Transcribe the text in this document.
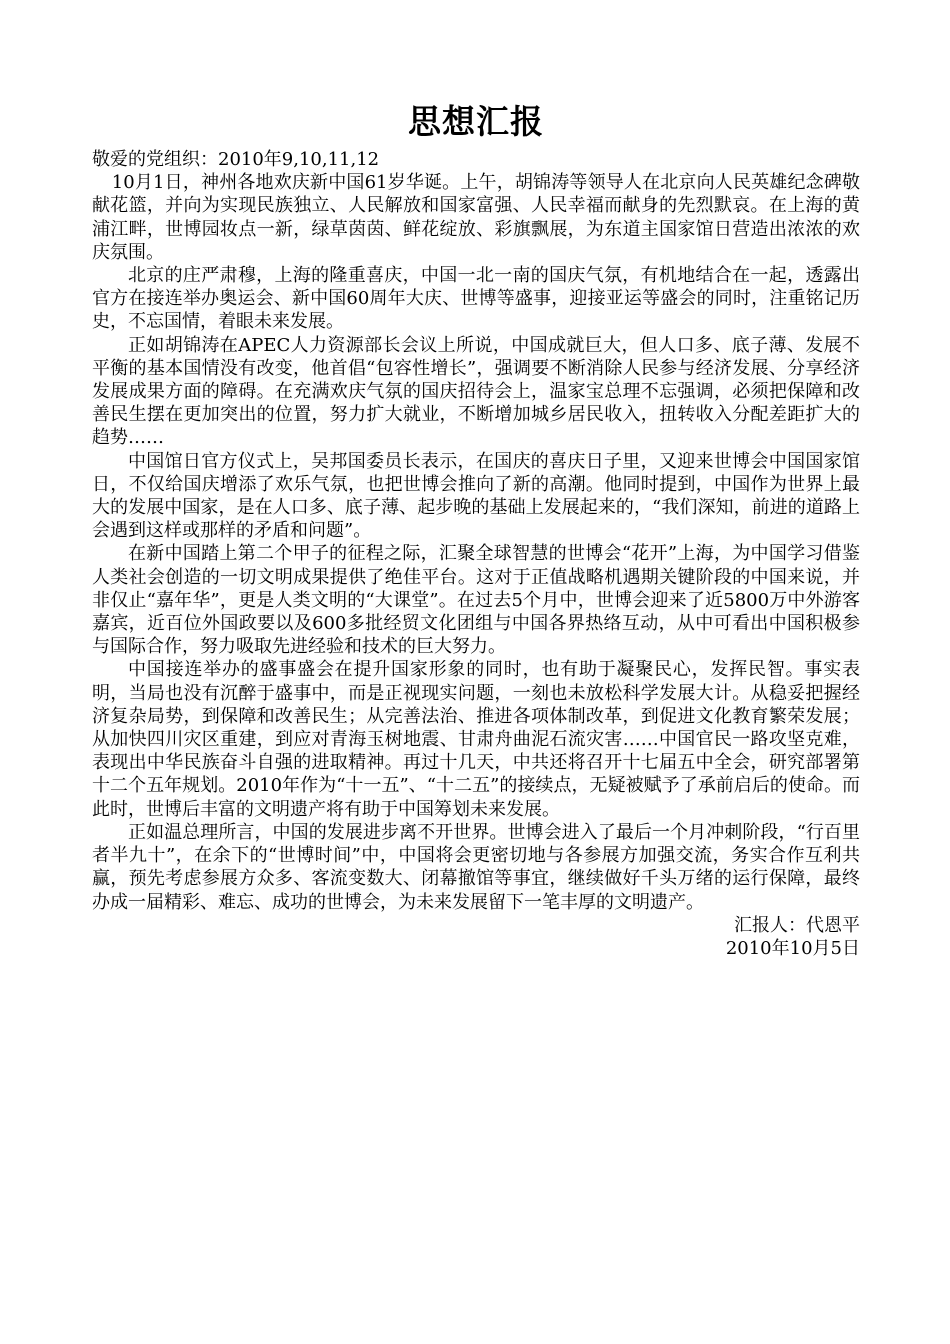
思想汇报

敬爱的党组织：2010年9,10,11,12

10月1日，神州各地欢庆新中国61岁华诞。上午，胡锦涛等领导人在北京向人民英雄纪念碑敬献花篮，并向为实现民族独立、人民解放和国家富强、人民幸福而献身的先烈默哀。在上海的黄浦江畔，世博园妆点一新，绿草茵茵、鲜花绽放、彩旗飘展，为东道主国家馆日营造出浓浓的欢庆氛围。

北京的庄严肃穆，上海的隆重喜庆，中国一北一南的国庆气氛，有机地结合在一起，透露出官方在接连举办奥运会、新中国60周年大庆、世博等盛事，迎接亚运等盛会的同时，注重铭记历史，不忘国情，着眼未来发展。

正如胡锦涛在APEC人力资源部长会议上所说，中国成就巨大，但人口多、底子薄、发展不平衡的基本国情没有改变，他首倡“包容性增长”，强调要不断消除人民参与经济发展、分享经济发展成果方面的障碍。在充满欢庆气氛的国庆招待会上，温家宝总理不忘强调，必须把保障和改善民生摆在更加突出的位置，努力扩大就业，不断增加城乡居民收入，扭转收入分配差距扩大的趋势……

中国馆日官方仪式上，吴邦国委员长表示，在国庆的喜庆日子里，又迎来世博会中国国家馆日，不仅给国庆增添了欢乐气氛，也把世博会推向了新的高潮。他同时提到，中国作为世界上最大的发展中国家，是在人口多、底子薄、起步晚的基础上发展起来的，“我们深知，前进的道路上会遇到这样或那样的矛盾和问题”。

在新中国踏上第二个甲子的征程之际，汇聚全球智慧的世博会“花开”上海，为中国学习借鉴人类社会创造的一切文明成果提供了绝佳平台。这对于正值战略机遇期关键阶段的中国来说，并非仅止“嘉年华”，更是人类文明的“大课堂”。在过去5个月中，世博会迎来了近5800万中外游客嘉宾，近百位外国政要以及600多批经贸文化团组与中国各界热络互动，从中可看出中国积极参与国际合作，努力吸取先进经验和技术的巨大努力。

中国接连举办的盛事盛会在提升国家形象的同时，也有助于凝聚民心，发挥民智。事实表明，当局也没有沉醉于盛事中，而是正视现实问题，一刻也未放松科学发展大计。从稳妥把握经济复杂局势，到保障和改善民生；从完善法治、推进各项体制改革，到促进文化教育繁荣发展；从加快四川灾区重建，到应对青海玉树地震、甘肃舟曲泥石流灾害……中国官民一路攻坚克难，表现出中华民族奋斗自强的进取精神。再过十几天，中共还将召开十七届五中全会，研究部署第十二个五年规划。2010年作为“十一五”、“十二五”的接续点，无疑被赋予了承前启后的使命。而此时，世博后丰富的文明遗产将有助于中国筹划未来发展。

正如温总理所言，中国的发展进步离不开世界。世博会进入了最后一个月冲刺阶段，“行百里者半九十”，在余下的“世博时间”中，中国将会更密切地与各参展方加强交流，务实合作互利共赢，预先考虑参展方众多、客流变数大、闭幕撤馆等事宜，继续做好千头万绪的运行保障，最终办成一届精彩、难忘、成功的世博会，为未来发展留下一笔丰厚的文明遗产。

汇报人：代恩平

2010年10月5日
